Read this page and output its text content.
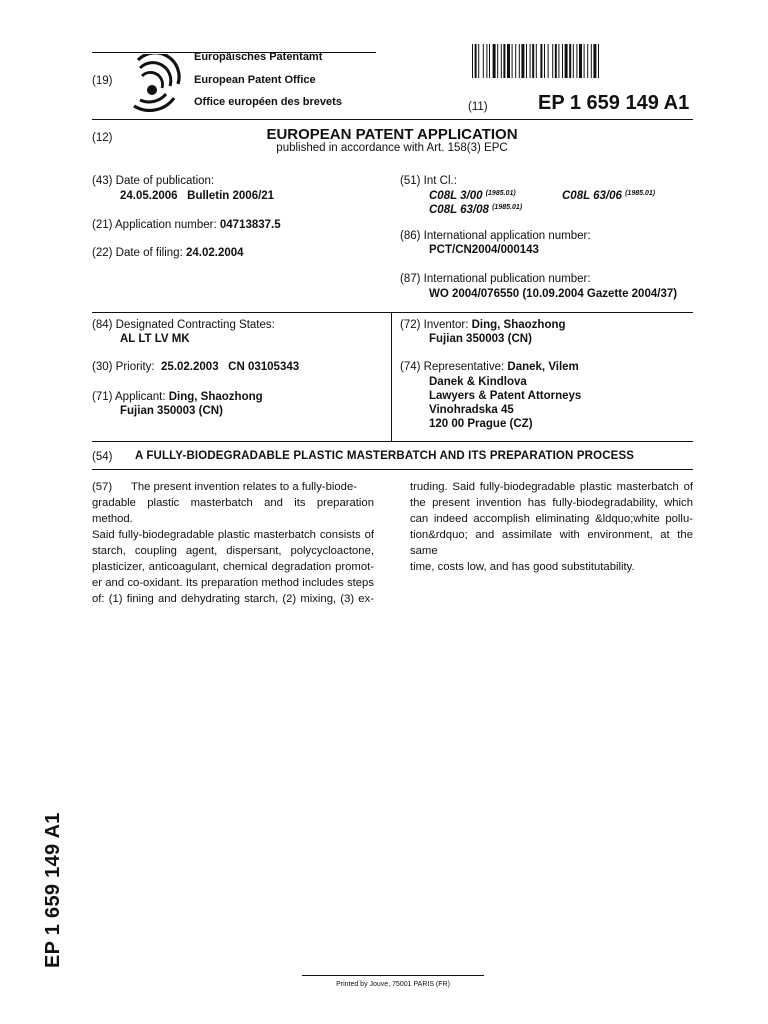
(19)
Europäisches Patentamt
European Patent Office
Office européen des brevets	(11)	EP 1 659 149 A1
(12)	EUROPEAN PATENT APPLICATION
published in accordance with Art. 158(3) EPC
(43) Date of publication:
24.05.2006   Bulletin 2006/21
(21) Application number: 04713837.5
(22) Date of filing: 24.02.2004
(51) Int Cl.:
C08L 3/00 $^{(1985.01)}$	C08L 63/06 $^{(1985.01)}$
C08L 63/08 $^{(1985.01)}$
(86) International application number:
PCT/CN2004/000143
(87) International publication number:
WO 2004/076550 (10.09.2004 Gazette 2004/37)
(84) Designated Contracting States:
AL LT LV MK
(30) Priority: 25.02.2003   CN 03105343
(71) Applicant: Ding, Shaozhong
Fujian 350003 (CN)
(72) Inventor: Ding, Shaozhong
Fujian 350003 (CN)
(74) Representative: Danek, Vilem
Danek & Kindlova
Lawyers & Patent Attorneys
Vinohradska 45
120 00 Prague (CZ)
(54) A FULLY-BIODEGRADABLE PLASTIC MASTERBATCH AND ITS PREPARATION PROCESS

(57) The present invention relates to a fully-biode-

gradable plastic masterbatch and its preparation method.

Said fully-biodegradable plastic masterbatch consists of

starch, coupling agent, dispersant, polycycloactone,

plasticizer, anticoagulant, chemical degradation promot-

er and co-oxidant. Its preparation method includes steps

of: (1) fining and dehydrating starch, (2) mixing, (3) ex-

truding. Said fully-biodegradable plastic masterbatch of

the present invention has fully-biodegradability, which

can indeed accomplish eliminating &ldquo;white pollu-

tion&rdquo; and assimilate with environment, at the same

time, costs low, and has good substitutability.

EP 1 659 149 A1
Printed by Jouve, 75001 PARIS (FR)
